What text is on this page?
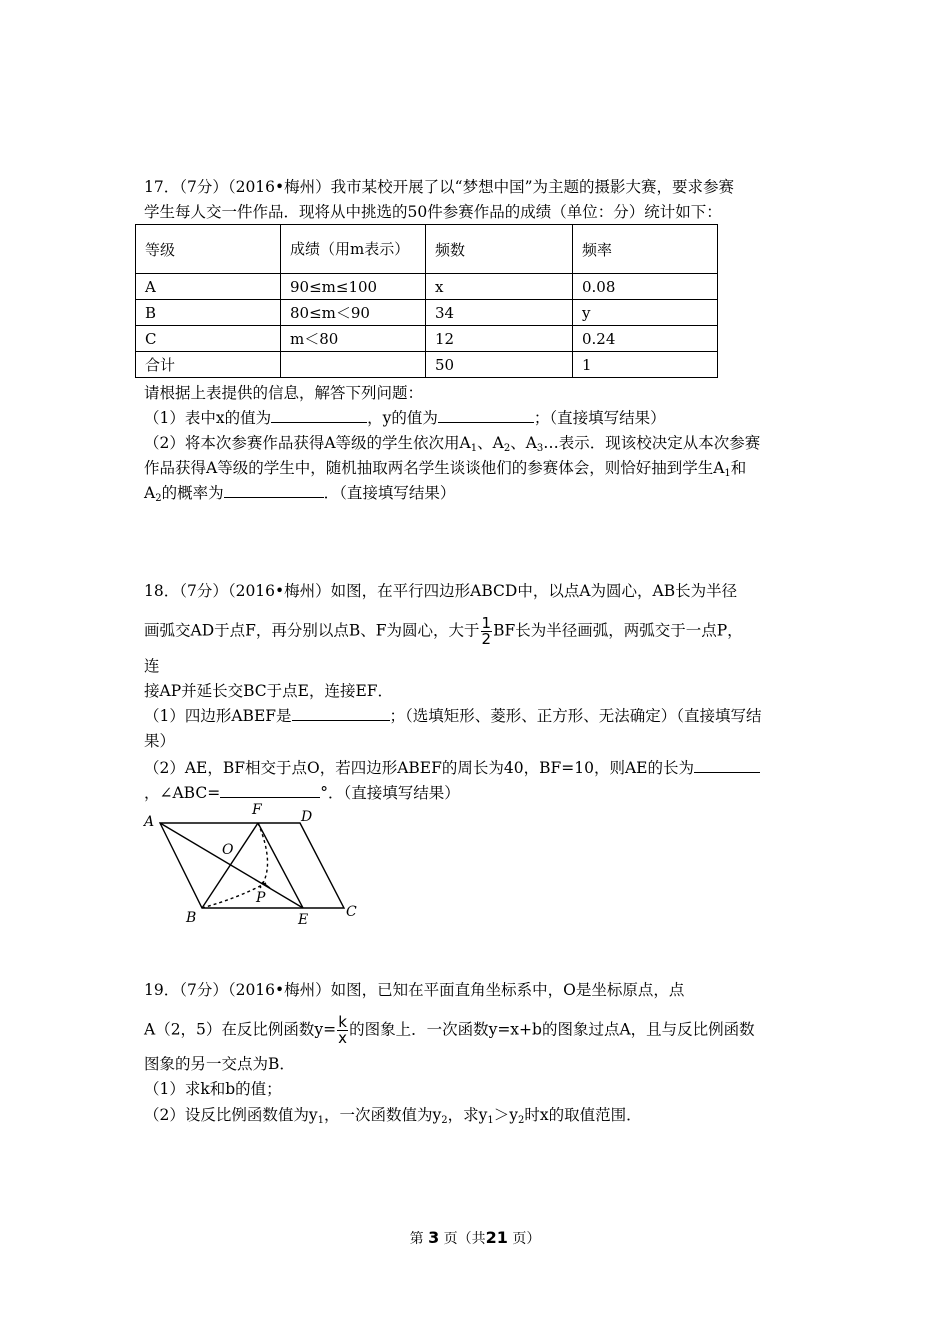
17．（7分）（2016•梅州）我市某校开展了以“梦想中国”为主题的摄影大赛，要求参赛
学生每人交一件作品．现将从中挑选的50件参赛作品的成绩（单位：分）统计如下：
等级	成绩（用m表示）	频数	频率
A	90≤m≤100	x	0.08
B	80≤m＜90	34	y
C	m＜80	12	0.24
合计		50	1
请根据上表提供的信息，解答下列问题：
（1）表中x的值为	，y的值为	；（直接填写结果）
（2）将本次参赛作品获得A等级的学生依次用$A_1$、$A_2$、$A_3\dots$表示．现该校决定从本次参赛
作品获得A等级的学生中，随机抽取两名学生谈谈他们的参赛体会，则恰好抽到学生$A_1$和
$A_2$的概率为	．（直接填写结果）
18．（7分）（2016•梅州）如图，在平行四边形ABCD中，以点A为圆心，AB长为半径
画弧交AD于点F，再分别以点B、F为圆心，大于 $\frac{1}{2}$ BF长为半径画弧，两弧交于一点P，
连
接AP并延长交BC于点E，连接EF．
（1）四边形ABEF是	；（选填矩形、菱形、正方形、无法确定）（直接填写结
果）
（2）AE，BF相交于点O，若四边形ABEF的周长为40，BF=10，则AE的长为
，∠ABC=	°．（直接填写结果）
A
F	D
O
P
B	E	C
19．（7分）（2016•梅州）如图，已知在平面直角坐标系中，O是坐标原点，点
A（2，5）在反比例函数$y= \frac{k}{x}$ 的图象上．一次函数y=x+b的图象过点A，且与反比例函数
图象的另一交点为B．
（1）求k和b的值；
（2）设反比例函数值为$y_1$，一次函数值为$y_2$，求$y_1>y_2$时x的取值范围．
第 3 页（共21 页）
